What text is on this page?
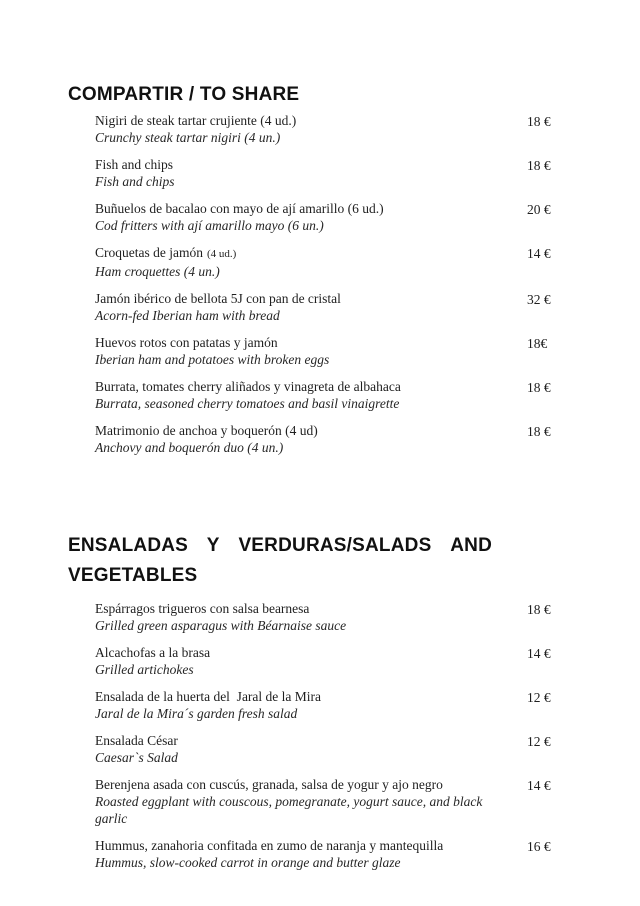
COMPARTIR / TO SHARE
Nigiri de steak tartar crujiente (4 ud.)
Crunchy steak tartar nigiri (4 un.)
18 €
Fish and chips
Fish and chips
18 €
Buñuelos de bacalao con mayo de ají amarillo (6 ud.)
Cod fritters with ají amarillo mayo (6 un.)
20 €
Croquetas de jamón (4 ud.)
Ham croquettes (4 un.)
14 €
Jamón ibérico de bellota 5J con pan de cristal
Acorn-fed Iberian ham with bread
32 €
Huevos rotos con patatas y jamón
Iberian ham and potatoes with broken eggs
18€
Burrata, tomates cherry aliñados y vinagreta de albahaca
Burrata, seasoned cherry tomatoes and basil vinaigrette
18 €
Matrimonio de anchoa y boquerón (4 ud)
Anchovy and boquerón duo (4 un.)
18 €
ENSALADAS Y VERDURAS/SALADS AND
VEGETABLES
Espárragos trigueros con salsa bearnesa
Grilled green asparagus with Béarnaise sauce
18 €
Alcachofas a la brasa
Grilled artichokes
14 €
Ensalada de la huerta del  Jaral de la Mira
Jaral de la Mira´s garden fresh salad
12 €
Ensalada César
Caesar`s Salad
12 €
Berenjena asada con cuscús, granada, salsa de yogur y ajo negro
Roasted eggplant with couscous, pomegranate, yogurt sauce, and black garlic
14 €
Hummus, zanahoria confitada en zumo de naranja y mantequilla
Hummus, slow-cooked carrot in orange and butter glaze
16 €
